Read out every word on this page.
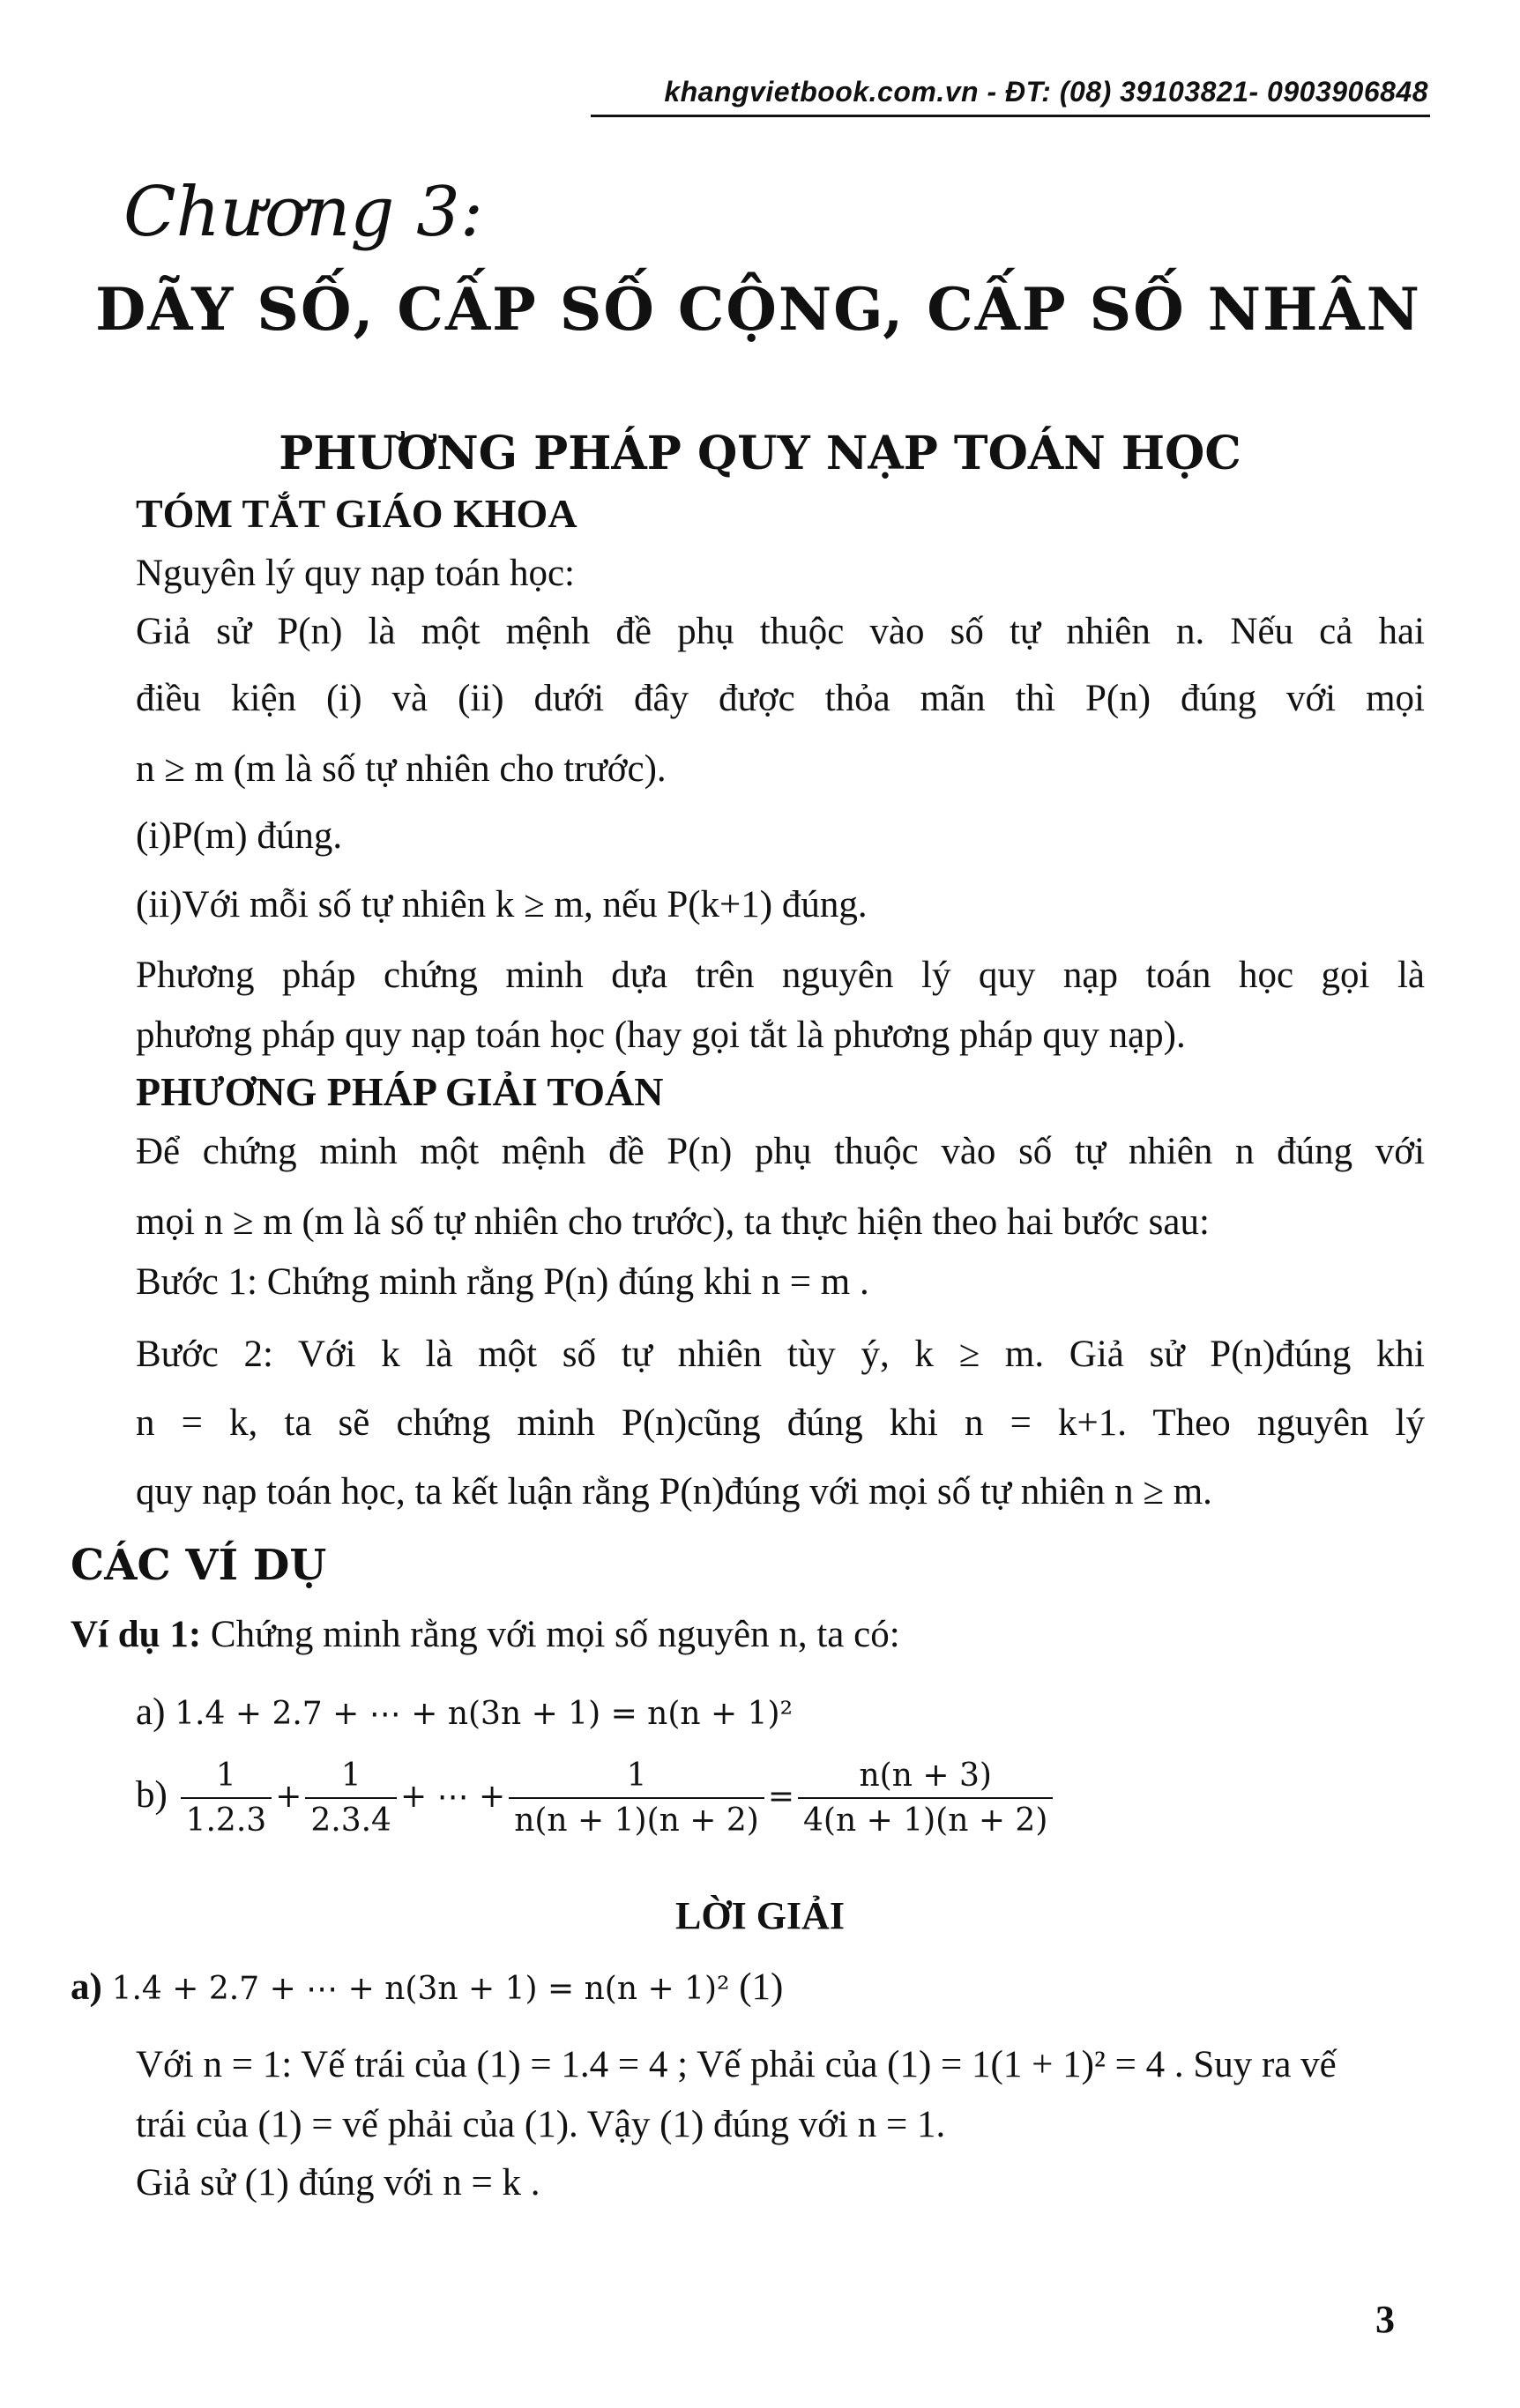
khangvietbook.com.vn - ĐT: (08) 39103821- 0903906848
Chương 3:
DÃY SỐ, CẤP SỐ CỘNG, CẤP SỐ NHÂN
PHƯƠNG PHÁP QUY NẠP TOÁN HỌC
TÓM TẮT GIÁO KHOA
Nguyên lý quy nạp toán học:
Giả sử P(n) là một mệnh đề phụ thuộc vào số tự nhiên n. Nếu cả hai
điều kiện (i) và (ii) dưới đây được thỏa mãn thì P(n) đúng với mọi
n ≥ m (m là số tự nhiên cho trước).
(i)P(m) đúng.
(ii)Với mỗi số tự nhiên k ≥ m, nếu P(k+1) đúng.
Phương pháp chứng minh dựa trên nguyên lý quy nạp toán học gọi là
phương pháp quy nạp toán học (hay gọi tắt là phương pháp quy nạp).
PHƯƠNG PHÁP GIẢI TOÁN
Để chứng minh một mệnh đề P(n) phụ thuộc vào số tự nhiên n đúng với
mọi n ≥ m (m là số tự nhiên cho trước), ta thực hiện theo hai bước sau:
Bước 1: Chứng minh rằng P(n) đúng khi n = m .
Bước 2: Với k là một số tự nhiên tùy ý, k ≥ m. Giả sử P(n)đúng khi
n = k, ta sẽ chứng minh P(n)cũng đúng khi n = k+1. Theo nguyên lý
quy nạp toán học, ta kết luận rằng P(n)đúng với mọi số tự nhiên n ≥ m.
CÁC VÍ DỤ
Ví dụ 1: Chứng minh rằng với mọi số nguyên n, ta có:
a) 1.4 + 2.7 + ⋯ + n(3n + 1) = n(n + 1)²
$b) \frac{1}{1.2.3} + \frac{1}{2.3.4}$ + ⋯ + $\frac{1}{n(n + 1)(n + 2)} = \frac{n(n + 3)}{4(n + 1)(n + 2)}$
LỜI GIẢI
a) 1.4 + 2.7 + ⋯ + n(3n + 1) = n(n + 1)² (1)
Với n = 1: Vế trái của (1) = 1.4 = 4 ; Vế phải của (1) = 1(1 + 1)² = 4 . Suy ra vế
trái của (1) = vế phải của (1). Vậy (1) đúng với n = 1.
Giả sử (1) đúng với n = k .
3
